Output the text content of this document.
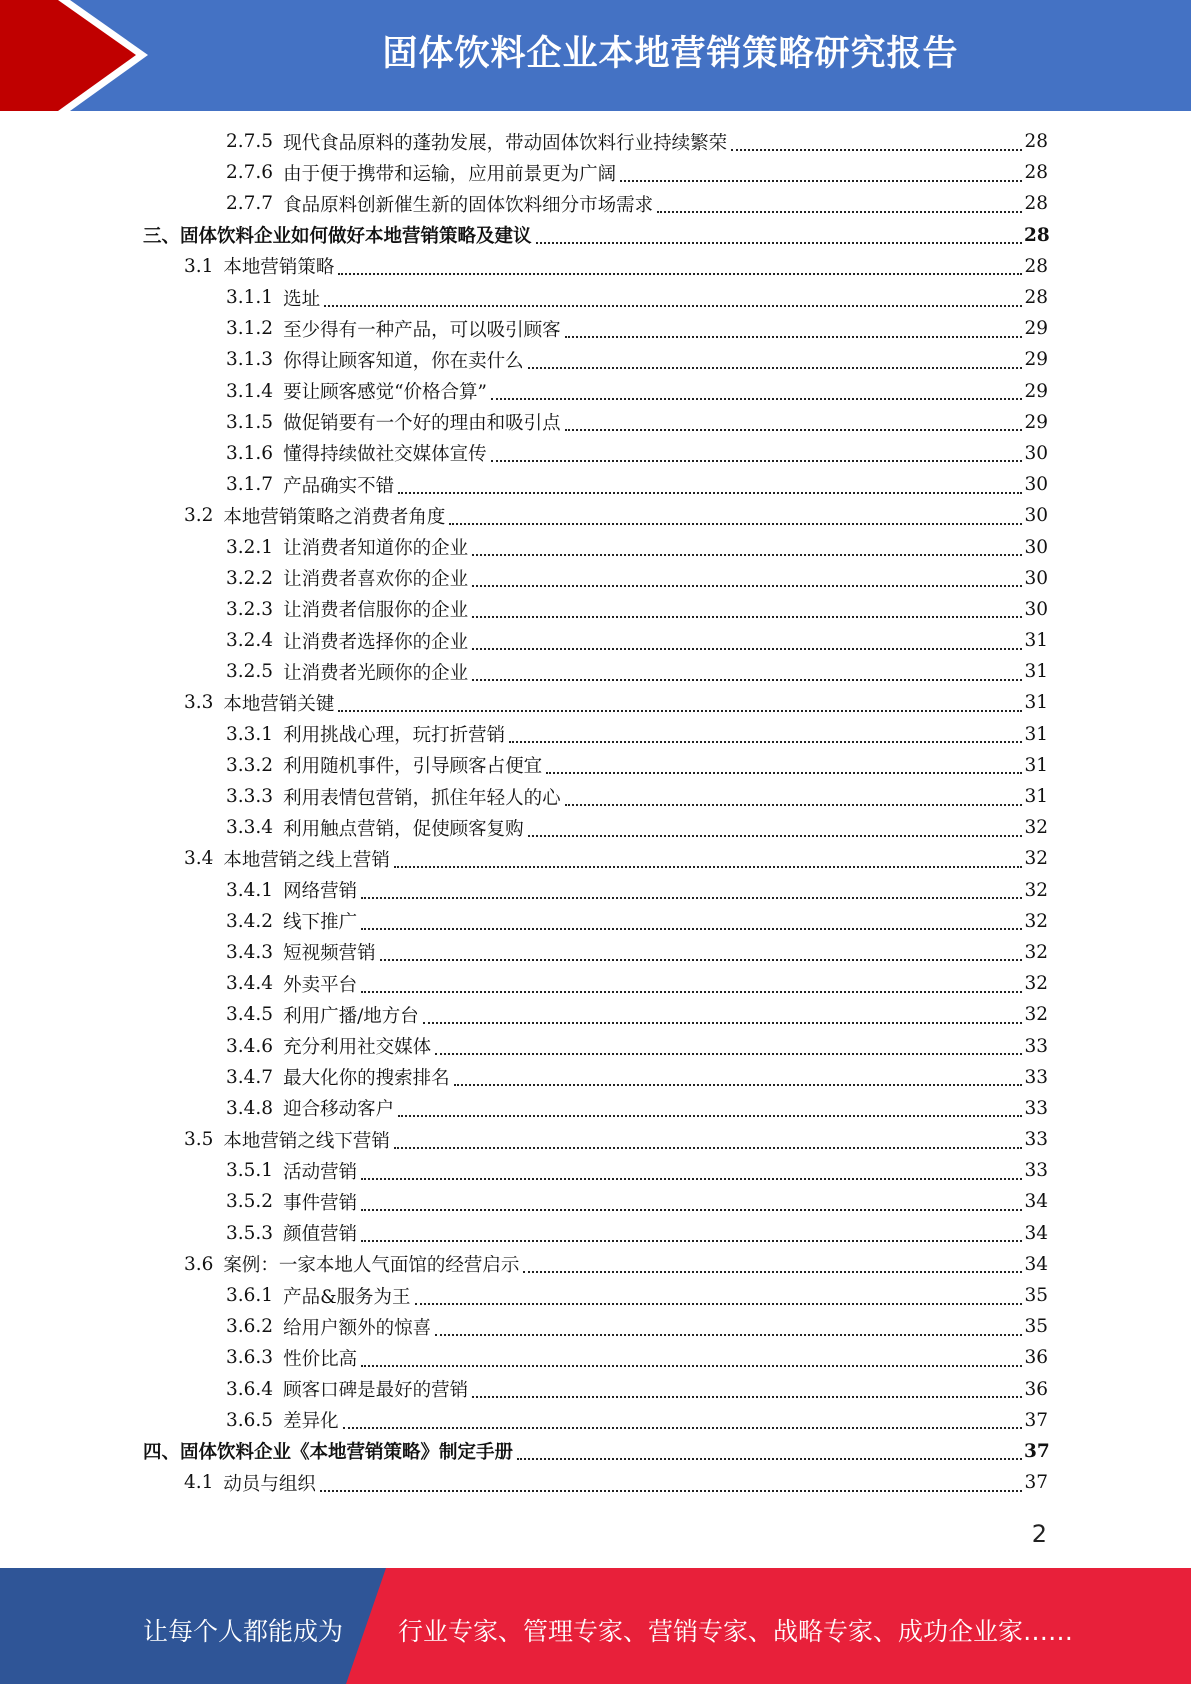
固体饮料企业本地营销策略研究报告
2.7.5 现代食品原料的蓬勃发展，带动固体饮料行业持续繁荣	28
2.7.6 由于便于携带和运输，应用前景更为广阔	28
2.7.7 食品原料创新催生新的固体饮料细分市场需求	28
三、固体饮料企业如何做好本地营销策略及建议	28
3.1 本地营销策略	28
3.1.1 选址	28
3.1.2 至少得有一种产品，可以吸引顾客	29
3.1.3 你得让顾客知道，你在卖什么	29
3.1.4 要让顾客感觉“价格合算”	29
3.1.5 做促销要有一个好的理由和吸引点	29
3.1.6 懂得持续做社交媒体宣传	30
3.1.7 产品确实不错	30
3.2 本地营销策略之消费者角度	30
3.2.1 让消费者知道你的企业	30
3.2.2 让消费者喜欢你的企业	30
3.2.3 让消费者信服你的企业	30
3.2.4 让消费者选择你的企业	31
3.2.5 让消费者光顾你的企业	31
3.3 本地营销关键	31
3.3.1 利用挑战心理，玩打折营销	31
3.3.2 利用随机事件，引导顾客占便宜	31
3.3.3 利用表情包营销，抓住年轻人的心	31
3.3.4 利用触点营销，促使顾客复购	32
3.4 本地营销之线上营销	32
3.4.1 网络营销	32
3.4.2 线下推广	32
3.4.3 短视频营销	32
3.4.4 外卖平台	32
3.4.5 利用广播/地方台	32
3.4.6 充分利用社交媒体	33
3.4.7 最大化你的搜索排名	33
3.4.8 迎合移动客户	33
3.5 本地营销之线下营销	33
3.5.1 活动营销	33
3.5.2 事件营销	34
3.5.3 颜值营销	34
3.6 案例：一家本地人气面馆的经营启示	34
3.6.1 产品&服务为王	35
3.6.2 给用户额外的惊喜	35
3.6.3 性价比高	36
3.6.4 顾客口碑是最好的营销	36
3.6.5 差异化	37
四、固体饮料企业《本地营销策略》制定手册	37
4.1 动员与组织	37
2
让每个人都能成为 行业专家、管理专家、营销专家、战略专家、成功企业家……
